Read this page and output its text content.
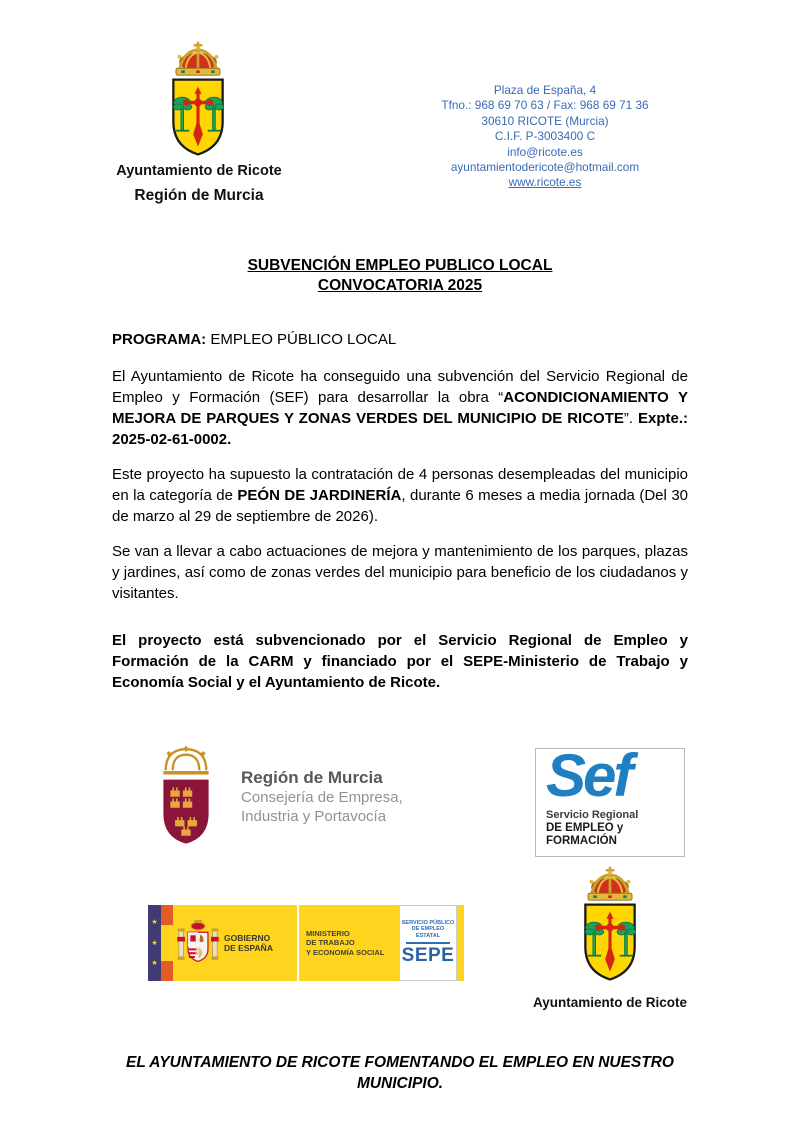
Ayuntamiento de Ricote
Región de Murcia
Plaza de España, 4
Tfno.: 968 69 70 63 / Fax: 968 69 71 36
30610 RICOTE (Murcia)
C.I.F. P-3003400 C
info@ricote.es
ayuntamientodericote@hotmail.com
www.ricote.es
SUBVENCIÓN EMPLEO PUBLICO LOCAL
CONVOCATORIA 2025
PROGRAMA: EMPLEO PÚBLICO LOCAL

El Ayuntamiento de Ricote ha conseguido una subvención del Servicio Regional de Empleo y Formación (SEF) para desarrollar la obra “ACONDICIONAMIENTO Y MEJORA DE PARQUES Y ZONAS VERDES DEL MUNICIPIO DE RICOTE”. Expte.: 2025-02-61-0002.

Este proyecto ha supuesto la contratación de 4 personas desempleadas del municipio en la categoría de PEÓN DE JARDINERÍA, durante 6 meses a media jornada (Del 30 de marzo al 29 de septiembre de 2026).

Se van a llevar a cabo actuaciones de mejora y mantenimiento de los parques, plazas y jardines, así como de zonas verdes del municipio para beneficio de los ciudadanos y visitantes.

El proyecto está subvencionado por el Servicio Regional de Empleo y Formación de la CARM y financiado por el SEPE-Ministerio de Trabajo y Economía Social y el Ayuntamiento de Ricote.

Región de Murcia
Consejería de Empresa,
Industria y Portavocía
Sef
Servicio Regional
DE EMPLEO y FORMACIÓN
★
★
★
GOBIERNO
DE ESPAÑA
MINISTERIO
DE TRABAJO
Y ECONOMÍA SOCIAL
SERVICIO PÚBLICO
DE EMPLEO ESTATAL
SEPE
Ayuntamiento de Ricote
EL AYUNTAMIENTO DE RICOTE FOMENTANDO EL EMPLEO EN NUESTRO MUNICIPIO.
